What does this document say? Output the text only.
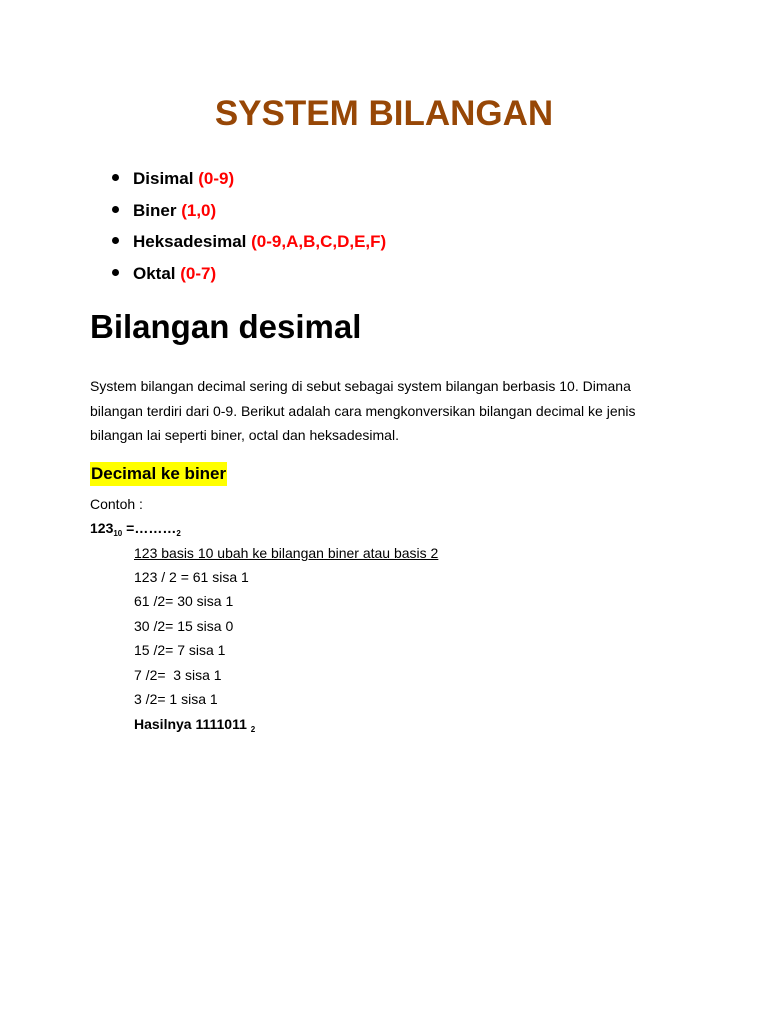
SYSTEM BILANGAN
Disimal (0-9)
Biner (1,0)
Heksadesimal (0-9,A,B,C,D,E,F)
Oktal (0-7)
Bilangan desimal

System bilangan decimal sering di sebut sebagai system bilangan berbasis 10. Dimana bilangan terdiri dari 0-9. Berikut adalah cara mengkonversikan bilangan decimal ke jenis bilangan lai seperti biner, octal dan heksadesimal.

Decimal ke biner

Contoh :

$123_{10}$ $=\dots\dots\dots_2$

123 basis 10 ubah ke bilangan biner atau basis 2

123 / 2 = 61 sisa 1

61 /2= 30 sisa 1

30 /2= 15 sisa 0

15 /2= 7 sisa 1

7 /2=  3 sisa 1

3 /2= 1 sisa 1

Hasilnya 1111011 $_2$
